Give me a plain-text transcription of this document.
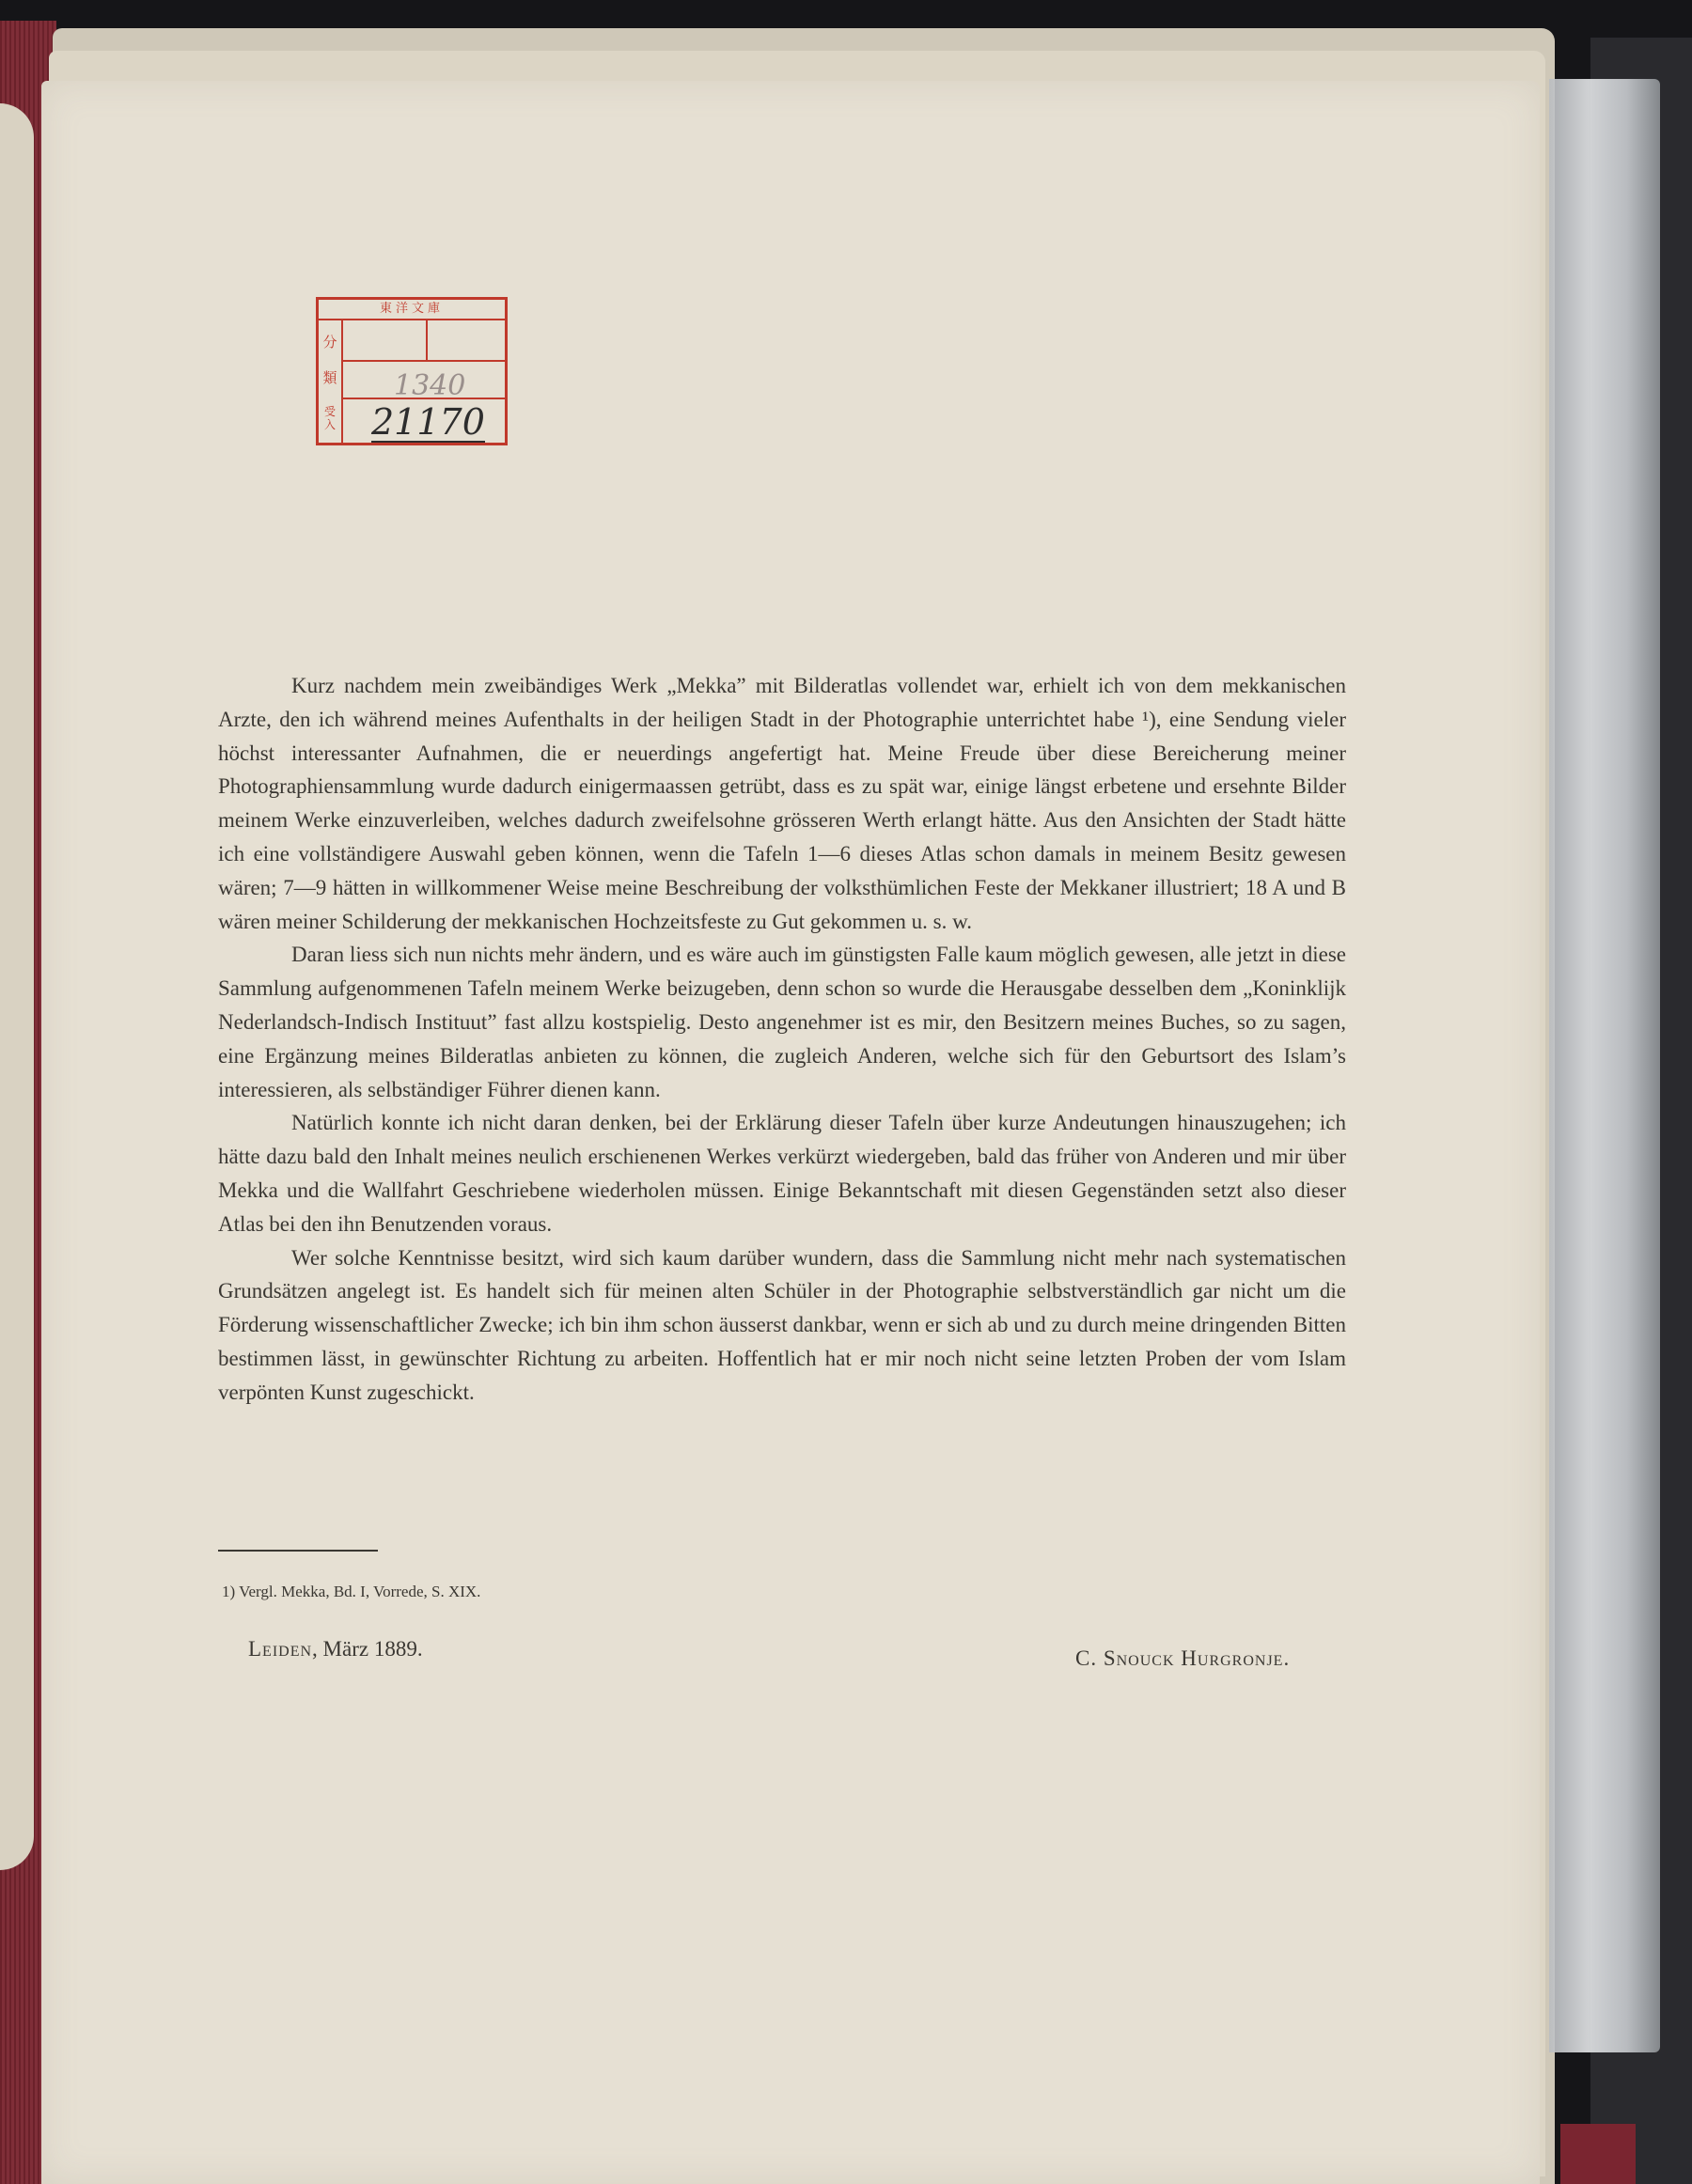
東洋文庫
分
類
受入
1340
21170

Kurz nachdem mein zweibändiges Werk „Mekka” mit Bilderatlas vollendet war, erhielt ich von dem mekkanischen Arzte, den ich während meines Aufenthalts in der heiligen Stadt in der Photographie unterrichtet habe ¹), eine Sendung vieler höchst interessanter Aufnahmen, die er neuerdings angefertigt hat. Meine Freude über diese Bereicherung meiner Photographiensammlung wurde dadurch einigermaassen getrübt, dass es zu spät war, einige längst erbetene und ersehnte Bilder meinem Werke einzuverleiben, welches dadurch zweifelsohne grösseren Werth erlangt hätte. Aus den Ansichten der Stadt hätte ich eine vollständigere Auswahl geben können, wenn die Tafeln 1—6 dieses Atlas schon damals in meinem Besitz gewesen wären; 7—9 hätten in willkommener Weise meine Beschreibung der volksthümlichen Feste der Mekkaner illustriert; 18 A und B wären meiner Schilderung der mekkanischen Hochzeitsfeste zu Gut gekommen u. s. w.

Daran liess sich nun nichts mehr ändern, und es wäre auch im günstigsten Falle kaum möglich gewesen, alle jetzt in diese Sammlung aufgenommenen Tafeln meinem Werke beizugeben, denn schon so wurde die Herausgabe desselben dem „Koninklijk Nederlandsch-Indisch Instituut” fast allzu kostspielig. Desto angenehmer ist es mir, den Besitzern meines Buches, so zu sagen, eine Ergänzung meines Bilderatlas anbieten zu können, die zugleich Anderen, welche sich für den Geburtsort des Islam’s interessieren, als selbständiger Führer dienen kann.

Natürlich konnte ich nicht daran denken, bei der Erklärung dieser Tafeln über kurze Andeutungen hinauszugehen; ich hätte dazu bald den Inhalt meines neulich erschienenen Werkes verkürzt wiedergeben, bald das früher von Anderen und mir über Mekka und die Wallfahrt Geschriebene wiederholen müssen. Einige Bekanntschaft mit diesen Gegenständen setzt also dieser Atlas bei den ihn Benutzenden voraus.

Wer solche Kenntnisse besitzt, wird sich kaum darüber wundern, dass die Sammlung nicht mehr nach systematischen Grundsätzen angelegt ist. Es handelt sich für meinen alten Schüler in der Photographie selbstverständlich gar nicht um die Förderung wissenschaftlicher Zwecke; ich bin ihm schon äusserst dankbar, wenn er sich ab und zu durch meine dringenden Bitten bestimmen lässt, in gewünschter Richtung zu arbeiten. Hoffentlich hat er mir noch nicht seine letzten Proben der vom Islam verpönten Kunst zugeschickt.

1) Vergl. Mekka, Bd. I, Vorrede, S. XIX.
Leiden, März 1889.	C. Snouck Hurgronje.
